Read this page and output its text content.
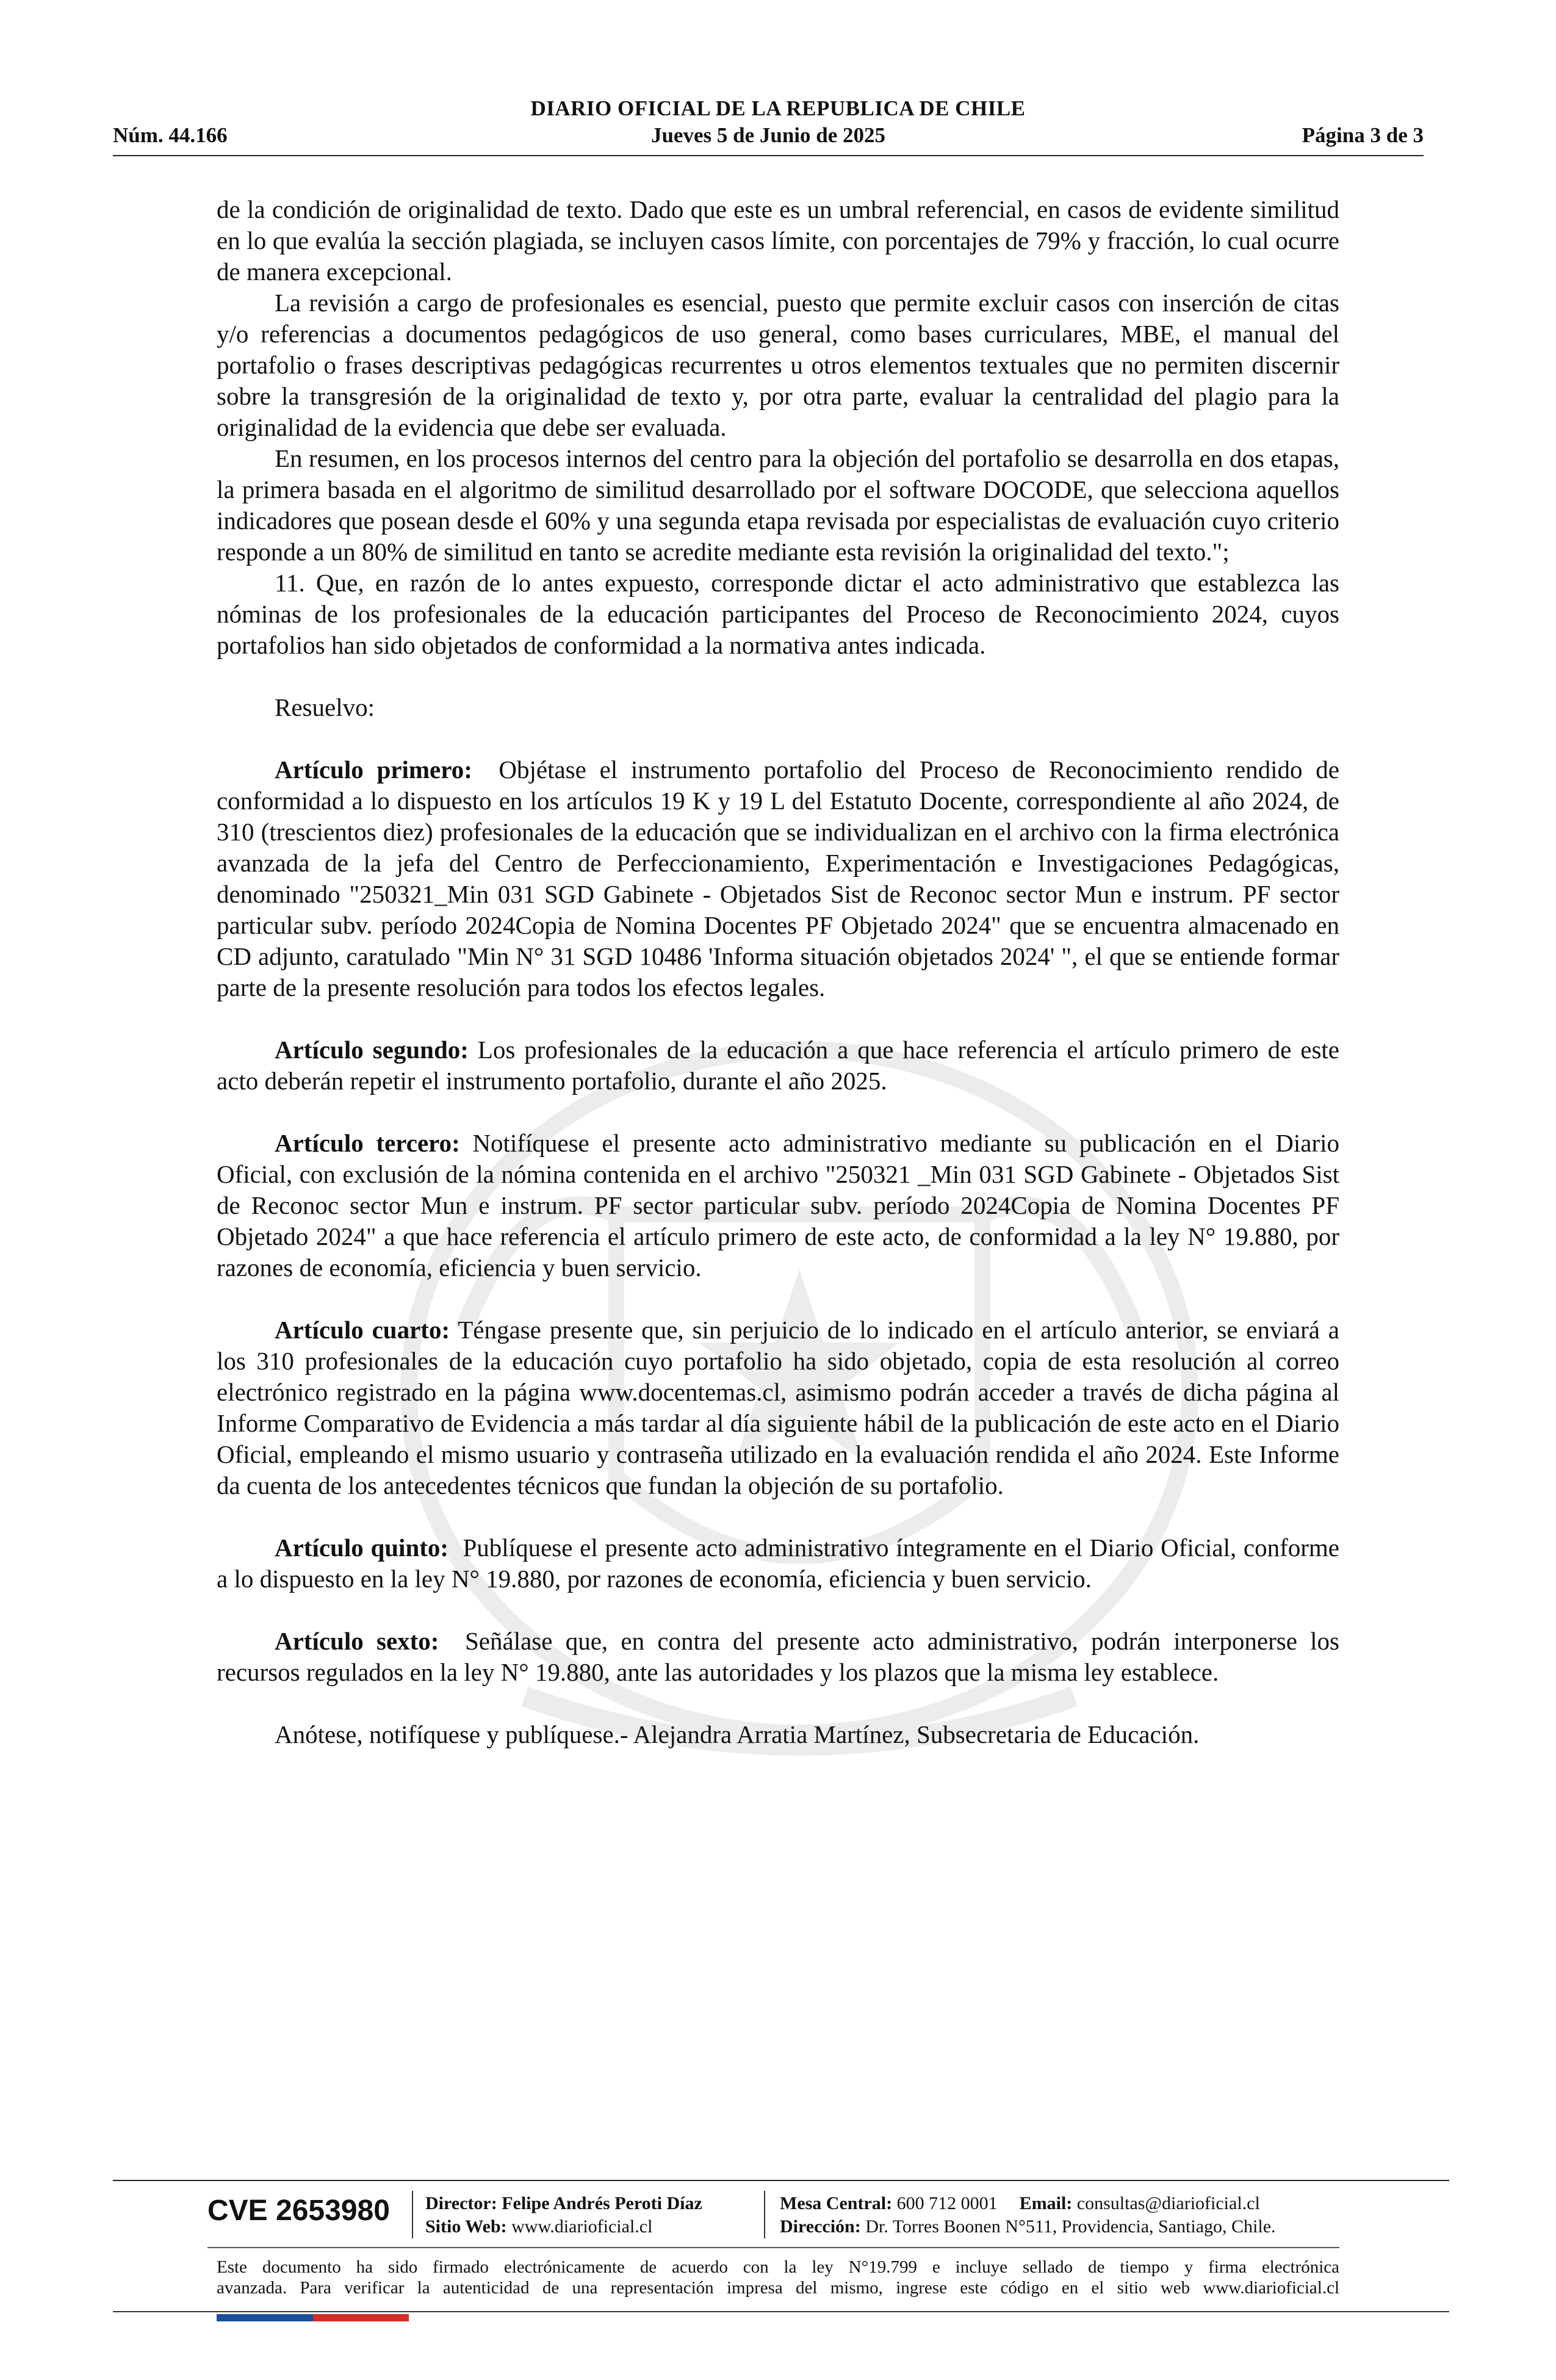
DIARIO OFICIAL DE LA REPUBLICA DE CHILE
Núm. 44.166	Jueves 5 de Junio de 2025	Página 3 de 3

de la condición de originalidad de texto. Dado que este es un umbral referencial, en casos de evidente similitud en lo que evalúa la sección plagiada, se incluyen casos límite, con porcentajes de 79% y fracción, lo cual ocurre de manera excepcional.

La revisión a cargo de profesionales es esencial, puesto que permite excluir casos con inserción de citas y/o referencias a documentos pedagógicos de uso general, como bases curriculares, MBE, el manual del portafolio o frases descriptivas pedagógicas recurrentes u otros elementos textuales que no permiten discernir sobre la transgresión de la originalidad de texto y, por otra parte, evaluar la centralidad del plagio para la originalidad de la evidencia que debe ser evaluada.

En resumen, en los procesos internos del centro para la objeción del portafolio se desarrolla en dos etapas, la primera basada en el algoritmo de similitud desarrollado por el software DOCODE, que selecciona aquellos indicadores que posean desde el 60% y una segunda etapa revisada por especialistas de evaluación cuyo criterio responde a un 80% de similitud en tanto se acredite mediante esta revisión la originalidad del texto.";

11. Que, en razón de lo antes expuesto, corresponde dictar el acto administrativo que establezca las nóminas de los profesionales de la educación participantes del Proceso de Reconocimiento 2024, cuyos portafolios han sido objetados de conformidad a la normativa antes indicada.

Resuelvo:

Artículo primero: Objétase el instrumento portafolio del Proceso de Reconocimiento rendido de conformidad a lo dispuesto en los artículos 19 K y 19 L del Estatuto Docente, correspondiente al año 2024, de 310 (trescientos diez) profesionales de la educación que se individualizan en el archivo con la firma electrónica avanzada de la jefa del Centro de Perfeccionamiento, Experimentación e Investigaciones Pedagógicas, denominado "250321_Min 031 SGD Gabinete - Objetados Sist de Reconoc sector Mun e instrum. PF sector particular subv. período 2024Copia de Nomina Docentes PF Objetado 2024" que se encuentra almacenado en CD adjunto, caratulado "Min N° 31 SGD 10486 'Informa situación objetados 2024' ", el que se entiende formar parte de la presente resolución para todos los efectos legales.

Artículo segundo: Los profesionales de la educación a que hace referencia el artículo primero de este acto deberán repetir el instrumento portafolio, durante el año 2025.

Artículo tercero: Notifíquese el presente acto administrativo mediante su publicación en el Diario Oficial, con exclusión de la nómina contenida en el archivo "250321 _Min 031 SGD Gabinete - Objetados Sist de Reconoc sector Mun e instrum. PF sector particular subv. período 2024Copia de Nomina Docentes PF Objetado 2024" a que hace referencia el artículo primero de este acto, de conformidad a la ley N° 19.880, por razones de economía, eficiencia y buen servicio.

Artículo cuarto: Téngase presente que, sin perjuicio de lo indicado en el artículo anterior, se enviará a los 310 profesionales de la educación cuyo portafolio ha sido objetado, copia de esta resolución al correo electrónico registrado en la página www.docentemas.cl, asimismo podrán acceder a través de dicha página al Informe Comparativo de Evidencia a más tardar al día siguiente hábil de la publicación de este acto en el Diario Oficial, empleando el mismo usuario y contraseña utilizado en la evaluación rendida el año 2024. Este Informe da cuenta de los antecedentes técnicos que fundan la objeción de su portafolio.

Artículo quinto: Publíquese el presente acto administrativo íntegramente en el Diario Oficial, conforme a lo dispuesto en la ley N° 19.880, por razones de economía, eficiencia y buen servicio.

Artículo sexto: Señálase que, en contra del presente acto administrativo, podrán interponerse los recursos regulados en la ley N° 19.880, ante las autoridades y los plazos que la misma ley establece.

Anótese, notifíquese y publíquese.- Alejandra Arratia Martínez, Subsecretaria de Educación.

CVE 2653980 Director: Felipe Andrés Peroti Díaz
Sitio Web: www.diarioficial.cl
Mesa Central: 600 712 0001 Email: consultas@diarioficial.cl
Dirección: Dr. Torres Boonen N°511, Providencia, Santiago, Chile.
Este documento ha sido firmado electrónicamente de acuerdo con la ley N°19.799 e incluye sellado de tiempo y firma electrónica
avanzada. Para verificar la autenticidad de una representación impresa del mismo, ingrese este código en el sitio web www.diarioficial.cl
